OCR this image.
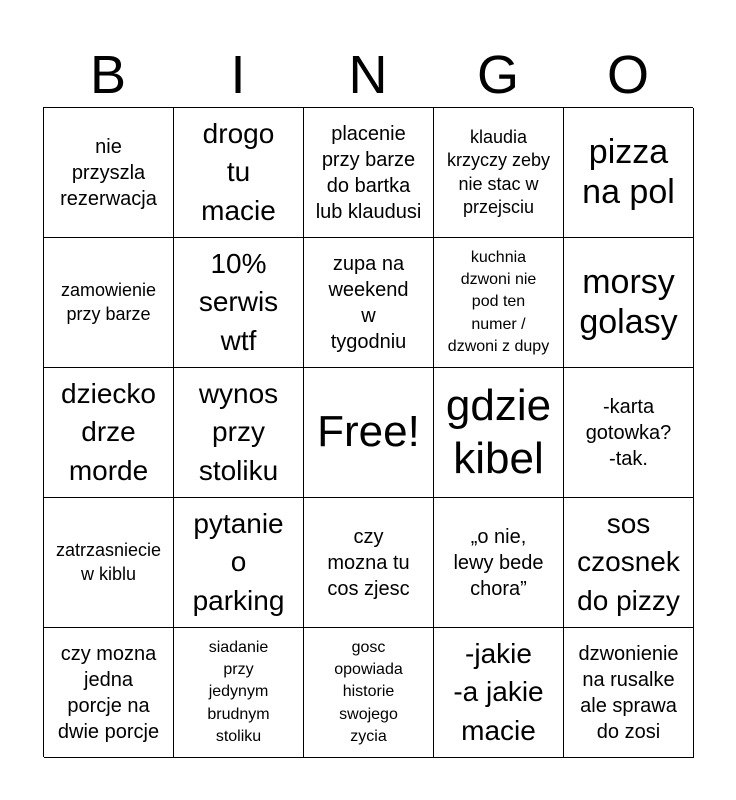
B	I	N	G	O
nie
przyszla
rezerwacja
drogo
tu
macie
placenie
przy barze
do bartka
lub klaudusi
klaudia
krzyczy zeby
nie stac w
przejsciu
pizza
na pol
zamowienie
przy barze
10%
serwis
wtf
zupa na
weekend
w
tygodniu
kuchnia
dzwoni nie
pod ten
numer /
dzwoni z dupy
morsy
golasy
dziecko
drze
morde
wynos
przy
stoliku
Free!
gdzie
kibel
-karta
gotowka?
-tak.
zatrzasniecie
w kiblu
pytanie
o
parking
czy
mozna tu
cos zjesc
„o nie,
lewy bede
chora”
sos
czosnek
do pizzy
czy mozna
jedna
porcje na
dwie porcje
siadanie
przy
jedynym
brudnym
stoliku
gosc
opowiada
historie
swojego
zycia
-jakie
-a jakie
macie
dzwonienie
na rusalke
ale sprawa
do zosi
